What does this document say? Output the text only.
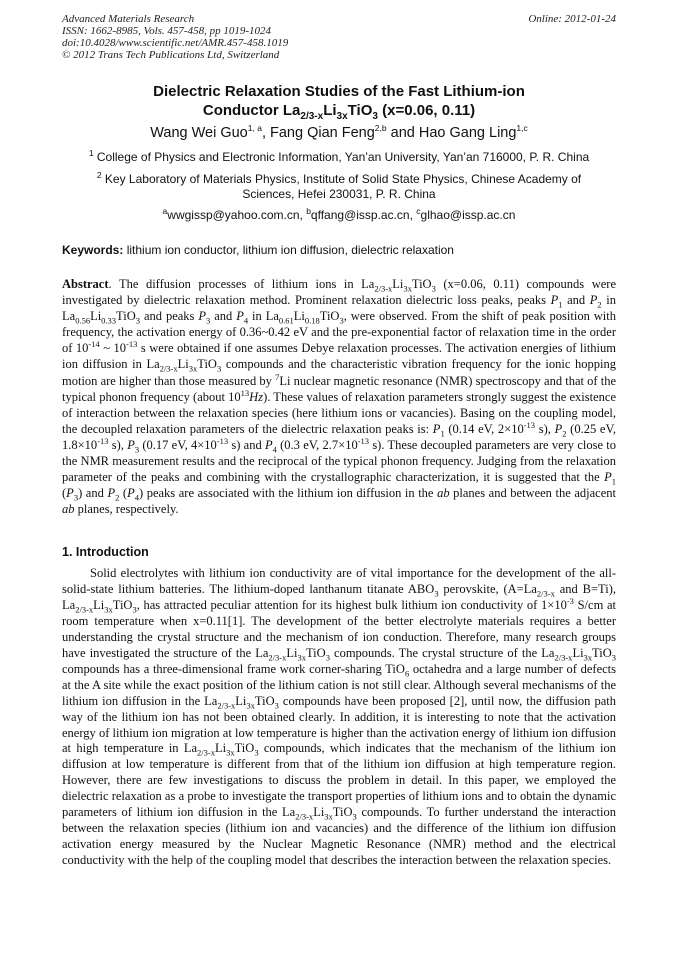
Advanced Materials Research
ISSN: 1662-8985, Vols. 457-458, pp 1019-1024
doi:10.4028/www.scientific.net/AMR.457-458.1019
© 2012 Trans Tech Publications Ltd, Switzerland
Online: 2012-01-24
Dielectric Relaxation Studies of the Fast Lithium-ion
Conductor $La_{2/3-x}Li_{3x}TiO_3$ (x=0.06, 0.11)
Wang Wei Guo$^{1, a}$, Fang Qian Feng$^{2,b}$ and Hao Gang Ling$^{1,c}$
$^1$ College of Physics and Electronic Information, Yan’an University, Yan’an 716000, P. R. China
$^2$ Key Laboratory of Materials Physics, Institute of Solid State Physics, Chinese Academy of
Sciences, Hefei 230031, P. R. China
$^a$wwgissp@yahoo.com.cn, $^b$qffang@issp.ac.cn, $^c$glhao@issp.ac.cn
Keywords: lithium ion conductor, lithium ion diffusion, dielectric relaxation
Abstract. The diffusion processes of lithium ions in $La_{2/3-x}Li_{3x}TiO_3$ (x=0.06, 0.11) compounds were investigated by dielectric relaxation method. Prominent relaxation dielectric loss peaks, peaks $P_1$ and $P_2$ in $La_{0.56}Li_{0.33}TiO_3$ and peaks $P_3$ and $P_4$ in $La_{0.61}Li_{0.18}TiO_3$, were observed. From the shift of peak position with frequency, the activation energy of 0.36~0.42 eV and the pre-exponential factor of relaxation time in the order of $10^{-14}$ ~ $10^{-13}$ s were obtained if one assumes Debye relaxation processes. The activation energies of lithium ion diffusion in $La_{2/3-x}Li_{3x}TiO_3$ compounds and the characteristic vibration frequency for the ionic hopping motion are higher than those measured by $^7$Li nuclear magnetic resonance (NMR) spectroscopy and that of the typical phonon frequency (about $10^{13}Hz$). These values of relaxation parameters strongly suggest the existence of interaction between the relaxation species (here lithium ions or vacancies). Basing on the coupling model, the decoupled relaxation parameters of the dielectric relaxation peaks is: $P_1$ (0.14 eV, $2\times 10^{-13}$ s), $P_2$ (0.25 eV, $1.8\times 10^{-13}$ s), $P_3$ (0.17 eV, $4\times 10^{-13}$ s) and $P_4$ (0.3 eV, $2.7\times 10^{-13}$ s). These decoupled parameters are very close to the NMR measurement results and the reciprocal of the typical phonon frequency. Judging from the relaxation parameter of the peaks and combining with the crystallographic characterization, it is suggested that the $P_1$ $(P_3)$ and $P_2$ $(P_4)$ peaks are associated with the lithium ion diffusion in the ab planes and between the adjacent ab planes, respectively.
1. Introduction
Solid electrolytes with lithium ion conductivity are of vital importance for the development of the all-solid-state lithium batteries. The lithium-doped lanthanum titanate $ABO_3$ perovskite, ($A=La_{2/3-x}$ and B=Ti), $La_{2/3-x}Li_{3x}TiO_3$, has attracted peculiar attention for its highest bulk lithium ion conductivity of $1\times 10^{-3}$ S/cm at room temperature when x=0.11[1]. The development of the better electrolyte materials requires a better understanding the crystal structure and the mechanism of ion conduction. Therefore, many research groups have investigated the structure of the $La_{2/3-x}Li_{3x}TiO_3$ compounds. The crystal structure of the $La_{2/3-x}Li_{3x}TiO_3$ compounds has a three-dimensional frame work corner-sharing TiO$_6$ octahedra and a large number of defects at the A site while the exact position of the lithium cation is not still clear. Although several mechanisms of the lithium ion diffusion in the $La_{2/3-x}Li_{3x}TiO_3$ compounds have been proposed [2], until now, the diffusion path way of the lithium ion has not been obtained clearly. In addition, it is interesting to note that the activation energy of lithium ion migration at low temperature is higher than the activation energy of lithium ion diffusion at high temperature in $La_{2/3-x}Li_{3x}TiO_3$ compounds, which indicates that the mechanism of the lithium ion diffusion at low temperature is different from that of the lithium ion diffusion at high temperature region. However, there are few investigations to discuss the problem in detail. In this paper, we employed the dielectric relaxation as a probe to investigate the transport properties of lithium ions and to obtain the dynamic parameters of lithium ion diffusion in the $La_{2/3-x}Li_{3x}TiO_3$ compounds. To further understand the interaction between the relaxation species (lithium ion and vacancies) and the difference of the lithium ion diffusion activation energy measured by the Nuclear Magnetic Resonance (NMR) method and the electrical conductivity with the help of the coupling model that describes the interaction between the relaxation species.
